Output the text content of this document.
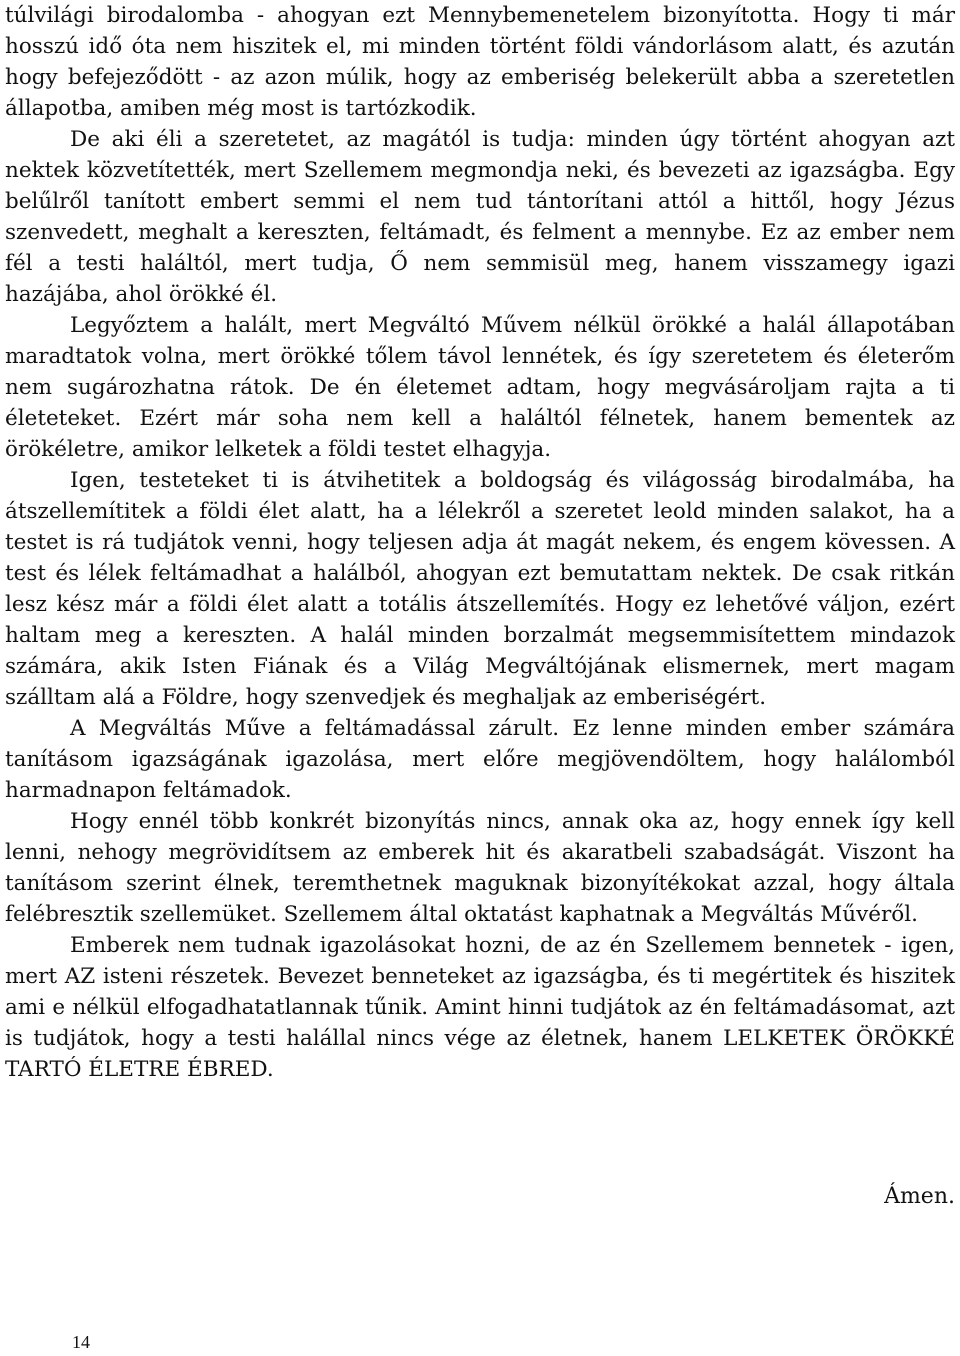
túlvilági birodalomba - ahogyan ezt Mennybemenetelem bizonyította. Hogy ti már hosszú idő óta nem hiszitek el, mi minden történt földi vándorlásom alatt, és azután hogy befejeződött - az azon múlik, hogy az emberiség belekerült abba a szeretetlen állapotba, amiben még most is tartózkodik.

De aki éli a szeretetet, az magától is tudja: minden úgy történt ahogyan azt nektek közvetítették, mert Szellemem megmondja neki, és bevezeti az igazságba. Egy belűlről tanított embert semmi el nem tud tántorítani attól a hittől, hogy Jézus szenvedett, meghalt a kereszten, feltámadt, és felment a mennybe. Ez az ember nem fél a testi haláltól, mert tudja, Ő nem semmisül meg, hanem visszamegy igazi hazájába, ahol örökké él.

Legyőztem a halált, mert Megváltó Művem nélkül örökké a halál állapotában maradtatok volna, mert örökké tőlem távol lennétek, és így szeretetem és életerőm nem sugározhatna rátok. De én életemet adtam, hogy megvásároljam rajta a ti életeteket. Ezért már soha nem kell a haláltól félnetek, hanem bementek az örökéletre, amikor lelketek a földi testet elhagyja.

Igen, testeteket ti is átvihetitek a boldogság és világosság birodalmába, ha átszellemítitek a földi élet alatt, ha a lélekről a szeretet leold minden salakot, ha a testet is rá tudjátok venni, hogy teljesen adja át magát nekem, és engem kövessen. A test és lélek feltámadhat a halálból, ahogyan ezt bemutattam nektek. De csak ritkán lesz kész már a földi élet alatt a totális átszellemítés. Hogy ez lehetővé váljon, ezért haltam meg a kereszten. A halál minden borzalmát megsemmisítettem mindazok számára, akik Isten Fiának és a Világ Megváltójának elismernek, mert magam szálltam alá a Földre, hogy szenvedjek és meghaljak az emberiségért.

A Megváltás Műve a feltámadással zárult. Ez lenne minden ember számára tanításom igazságának igazolása, mert előre megjövendöltem, hogy halálomból harmadnapon feltámadok.

Hogy ennél több konkrét bizonyítás nincs, annak oka az, hogy ennek így kell lenni, nehogy megrövidítsem az emberek hit és akaratbeli szabadságát. Viszont ha tanításom szerint élnek, teremthetnek maguknak bizonyítékokat azzal, hogy általa felébresztik szellemüket. Szellemem által oktatást kaphatnak a Megváltás Művéről.

Emberek nem tudnak igazolásokat hozni, de az én Szellemem bennetek - igen, mert AZ isteni részetek. Bevezet benneteket az igazságba, és ti megértitek és hiszitek ami e nélkül elfogadhatatlannak tűnik. Amint hinni tudjátok az én feltámadásomat, azt is tudjátok, hogy a testi halállal nincs vége az életnek, hanem LELKETEK ÖRÖKKÉ TARTÓ ÉLETRE ÉBRED.

Ámen.
14
